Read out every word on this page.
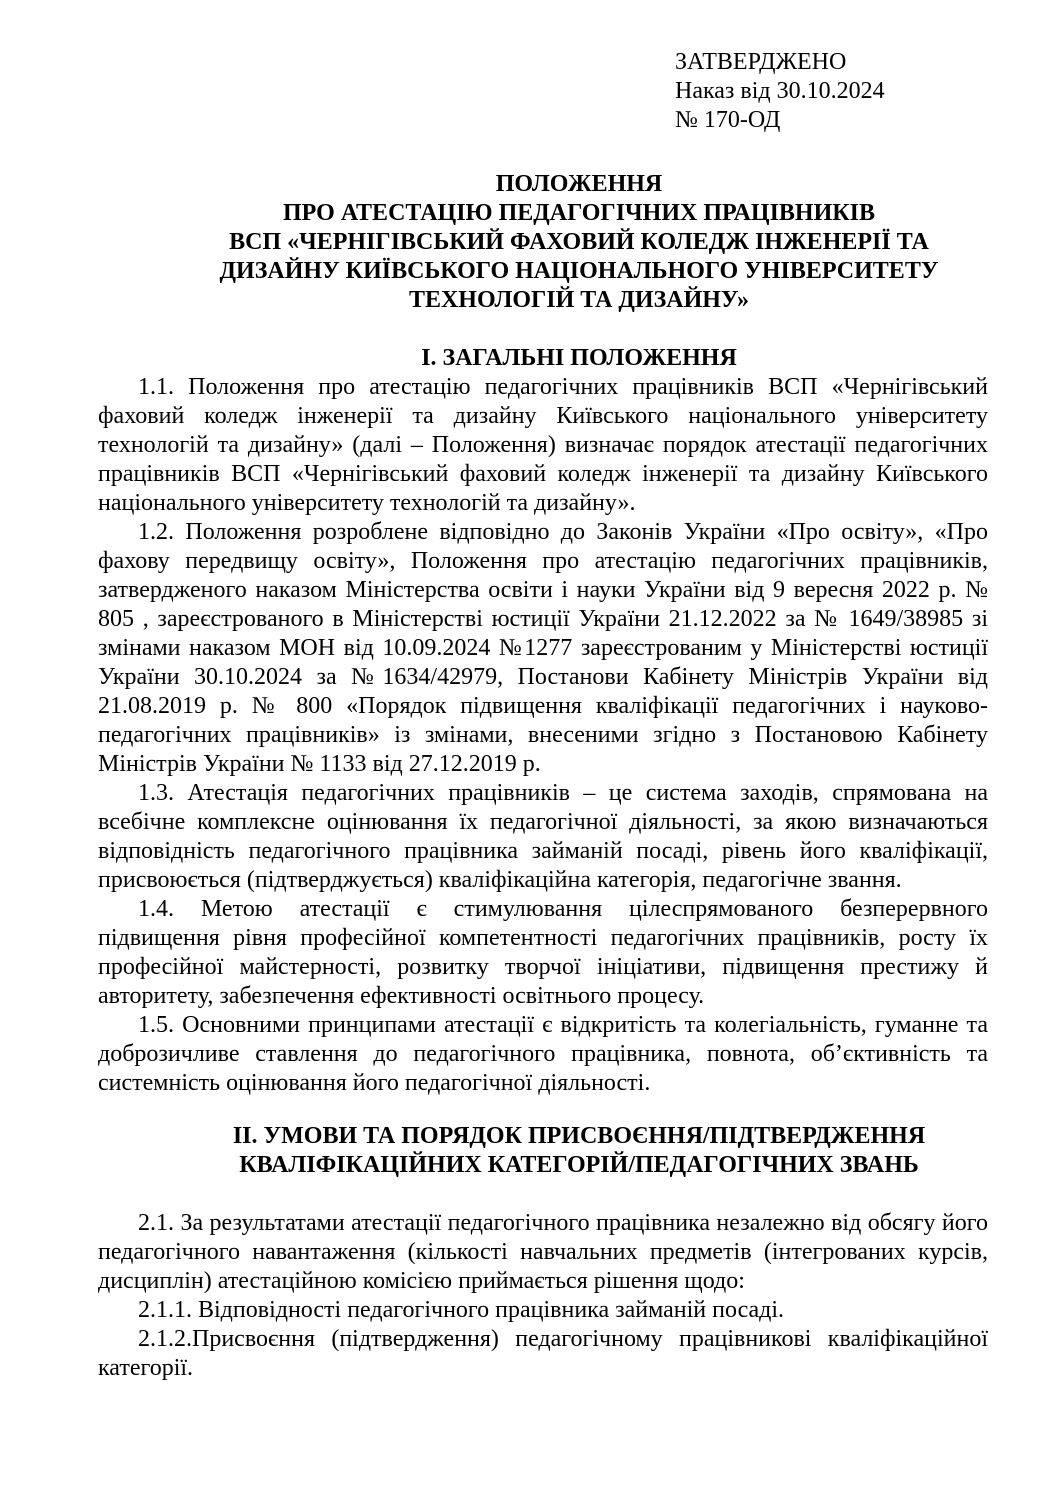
ЗАТВЕРДЖЕНО
Наказ від 30.10.2024
№ 170-ОД
ПОЛОЖЕННЯ
ПРО АТЕСТАЦІЮ ПЕДАГОГІЧНИХ ПРАЦІВНИКІВ
ВСП «ЧЕРНІГІВСЬКИЙ ФАХОВИЙ КОЛЕДЖ ІНЖЕНЕРІЇ ТА
ДИЗАЙНУ КИЇВСЬКОГО НАЦІОНАЛЬНОГО УНІВЕРСИТЕТУ
ТЕХНОЛОГІЙ ТА ДИЗАЙНУ»
І. ЗАГАЛЬНІ ПОЛОЖЕННЯ

1.1. Положення про атестацію педагогічних працівників ВСП «Чернігівський фаховий коледж інженерії та дизайну Київського національного університету технологій та дизайну» (далі – Положення) визначає порядок атестації педагогічних працівників ВСП «Чернігівський фаховий коледж інженерії та дизайну Київського національного університету технологій та дизайну».

1.2. Положення розроблене відповідно до Законів України «Про освіту», «Про фахову передвищу освіту», Положення про атестацію педагогічних працівників, затвердженого наказом Міністерства освіти і науки України від 9 вересня 2022 р. № 805 , зареєстрованого в Міністерстві юстиції України 21.12.2022 за № 1649/38985 зі змінами наказом МОН від 10.09.2024 №1277 зареєстрованим у Міністерстві юстиції України 30.10.2024 за №1634/42979, Постанови Кабінету Міністрів України від 21.08.2019 р. № 800 «Порядок підвищення кваліфікації педагогічних і науково-педагогічних працівників» із змінами, внесеними згідно з Постановою Кабінету Міністрів України № 1133 від 27.12.2019 р.

1.3. Атестація педагогічних працівників – це система заходів, спрямована на всебічне комплексне оцінювання їх педагогічної діяльності, за якою визначаються відповідність педагогічного працівника займаній посаді, рівень його кваліфікації, присвоюється (підтверджується) кваліфікаційна категорія, педагогічне звання.

1.4. Метою атестації є стимулювання цілеспрямованого безперервного підвищення рівня професійної компетентності педагогічних працівників, росту їх професійної майстерності, розвитку творчої ініціативи, підвищення престижу й авторитету, забезпечення ефективності освітнього процесу.

1.5. Основними принципами атестації є відкритість та колегіальність, гуманне та доброзичливе ставлення до педагогічного працівника, повнота, об’єктивність та системність оцінювання його педагогічної діяльності.

ІІ. УМОВИ ТА ПОРЯДОК ПРИСВОЄННЯ/ПІДТВЕРДЖЕННЯ
КВАЛІФІКАЦІЙНИХ КАТЕГОРІЙ/ПЕДАГОГІЧНИХ ЗВАНЬ

2.1. За результатами атестації педагогічного працівника незалежно від обсягу його педагогічного навантаження (кількості навчальних предметів (інтегрованих курсів, дисциплін) атестаційною комісією приймається рішення щодо:

2.1.1. Відповідності педагогічного працівника займаній посаді.

2.1.2.Присвоєння (підтвердження) педагогічному працівникові кваліфікаційної категорії.
